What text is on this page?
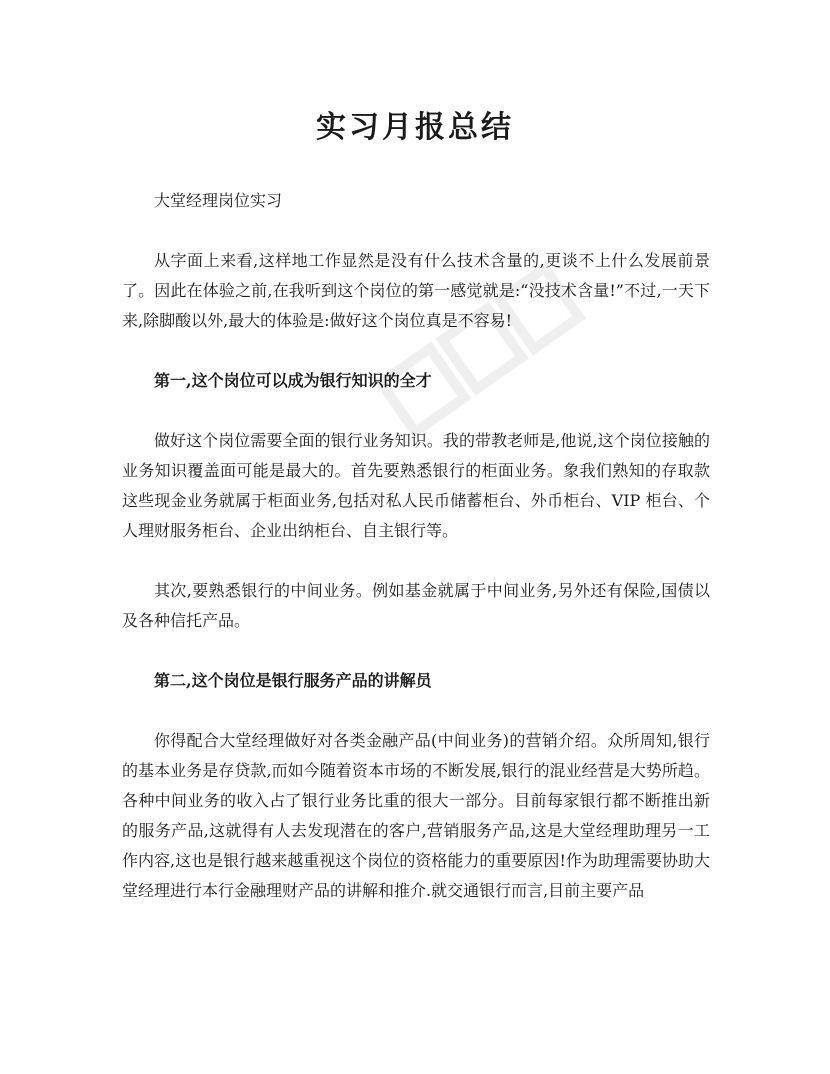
实习月报总结

大堂经理岗位实习

从字面上来看,这样地工作显然是没有什么技术含量的,更谈不上什么发展前景了。因此在体验之前,在我听到这个岗位的第一感觉就是:“没技术含量!”不过,一天下来,除脚酸以外,最大的体验是:做好这个岗位真是不容易!

第一,这个岗位可以成为银行知识的全才

做好这个岗位需要全面的银行业务知识。我的带教老师是,他说,这个岗位接触的业务知识覆盖面可能是最大的。首先要熟悉银行的柜面业务。象我们熟知的存取款这些现金业务就属于柜面业务,包括对私人民币储蓄柜台、外币柜台、VIP 柜台、个人理财服务柜台、企业出纳柜台、自主银行等。

其次,要熟悉银行的中间业务。例如基金就属于中间业务,另外还有保险,国债以及各种信托产品。

第二,这个岗位是银行服务产品的讲解员

你得配合大堂经理做好对各类金融产品(中间业务)的营销介绍。众所周知,银行的基本业务是存贷款,而如今随着资本市场的不断发展,银行的混业经营是大势所趋。各种中间业务的收入占了银行业务比重的很大一部分。目前每家银行都不断推出新的服务产品,这就得有人去发现潜在的客户,营销服务产品,这是大堂经理助理另一工作内容,这也是银行越来越重视这个岗位的资格能力的重要原因!作为助理需要协助大堂经理进行本行金融理财产品的讲解和推介.就交通银行而言,目前主要产品
